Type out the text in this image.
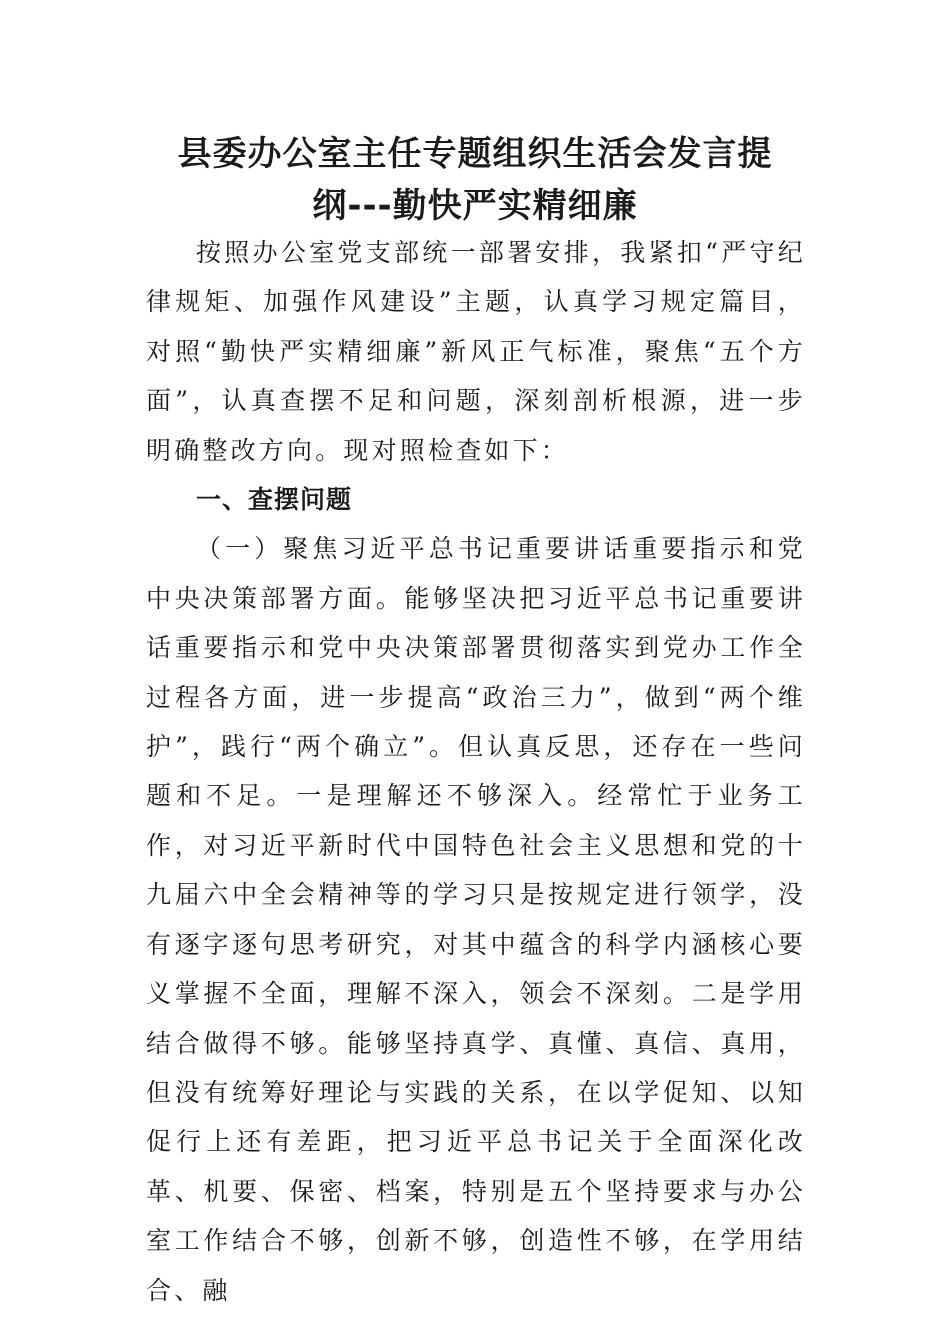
县委办公室主任专题组织生活会发言提
纲---勤快严实精细廉

按照办公室党支部统一部署安排，我紧扣“严守纪律规矩、加强作风建设”主题，认真学习规定篇目，对照“勤快严实精细廉”新风正气标准，聚焦“五个方面”，认真查摆不足和问题，深刻剖析根源，进一步明确整改方向。现对照检查如下：

一、查摆问题

（一）聚焦习近平总书记重要讲话重要指示和党中央决策部署方面。能够坚决把习近平总书记重要讲话重要指示和党中央决策部署贯彻落实到党办工作全过程各方面，进一步提高“政治三力”，做到“两个维护”，践行“两个确立”。但认真反思，还存在一些问题和不足。一是理解还不够深入。经常忙于业务工作，对习近平新时代中国特色社会主义思想和党的十九届六中全会精神等的学习只是按规定进行领学，没有逐字逐句思考研究，对其中蕴含的科学内涵核心要义掌握不全面，理解不深入，领会不深刻。二是学用结合做得不够。能够坚持真学、真懂、真信、真用，但没有统筹好理论与实践的关系，在以学促知、以知促行上还有差距，把习近平总书记关于全面深化改革、机要、保密、档案，特别是五个坚持要求与办公室工作结合不够，创新不够，创造性不够，在学用结合、融
